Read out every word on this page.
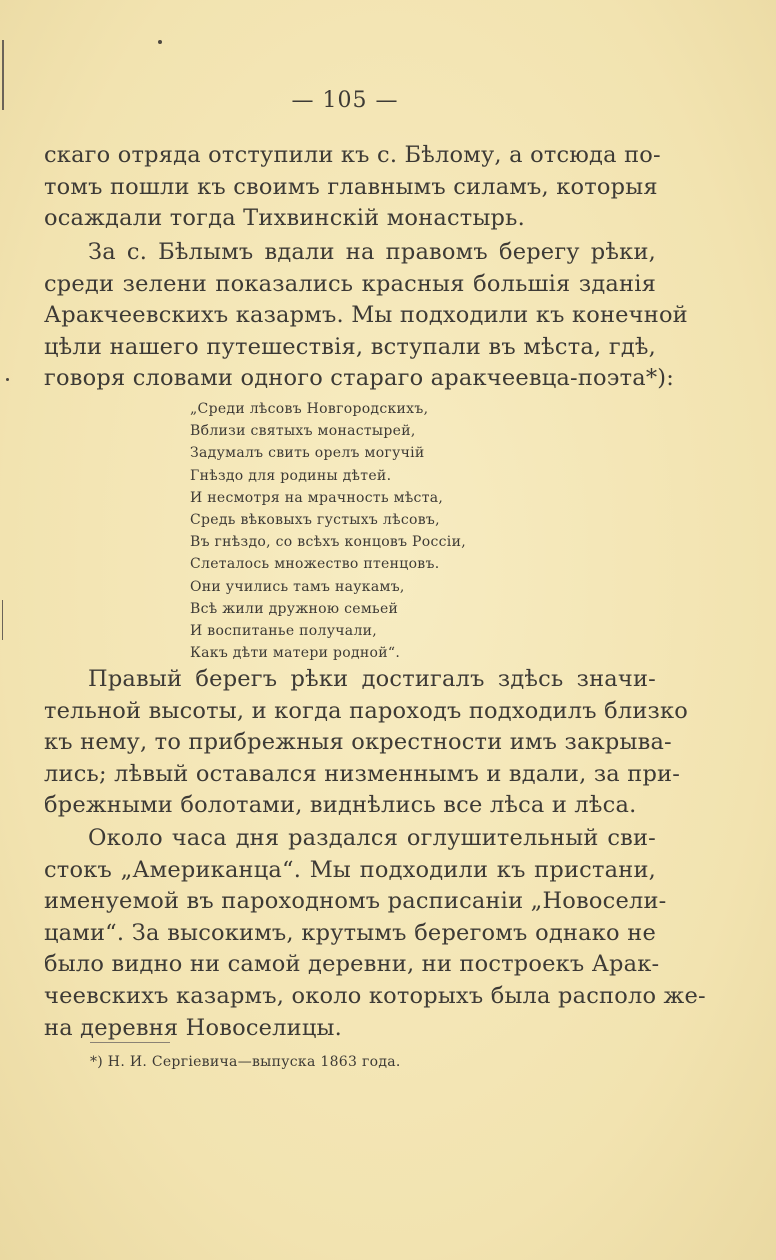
— 105 —
скаго отряда отступили къ с. Бѣлому, а отсюда по-
томъ пошли къ своимъ главнымъ силамъ, которыя
осаждали тогда Тихвинскій монастырь.
За с. Бѣлымъ вдали на правомъ берегу рѣки,
среди зелени показались красныя большія зданія
Аракчеевскихъ казармъ. Мы подходили къ конечной
цѣли нашего путешествія, вступали въ мѣста, гдѣ,
говоря словами одного стараго аракчеевца-поэта*):
„Среди лѣсовъ Новгородскихъ,
Вблизи святыхъ монастырей,
Задумалъ свить орелъ могучій
Гнѣздо для родины дѣтей.
И несмотря на мрачность мѣста,
Средь вѣковыхъ густыхъ лѣсовъ,
Въ гнѣздо, со всѣхъ концовъ Россіи,
Слеталось множество птенцовъ.
Они учились тамъ наукамъ,
Всѣ жили дружною семьей
И воспитанье получали,
Какъ дѣти матери родной“.
Правый берегъ рѣки достигалъ здѣсь значи-
тельной высоты, и когда пароходъ подходилъ близко
къ нему, то прибрежныя окрестности имъ закрыва-
лись; лѣвый оставался низменнымъ и вдали, за при-
брежными болотами, виднѣлись все лѣса и лѣса.
Около часа дня раздался оглушительный сви-
стокъ „Американца“. Мы подходили къ пристани,
именуемой въ пароходномъ расписаніи „Новосели-
цами“. За высокимъ, крутымъ берегомъ однако не
было видно ни самой деревни, ни построекъ Арак-
чеевскихъ казармъ, около которыхъ была располо же-
на деревня Новоселицы.
*) Н. И. Сергіевича—выпуска 1863 года.
